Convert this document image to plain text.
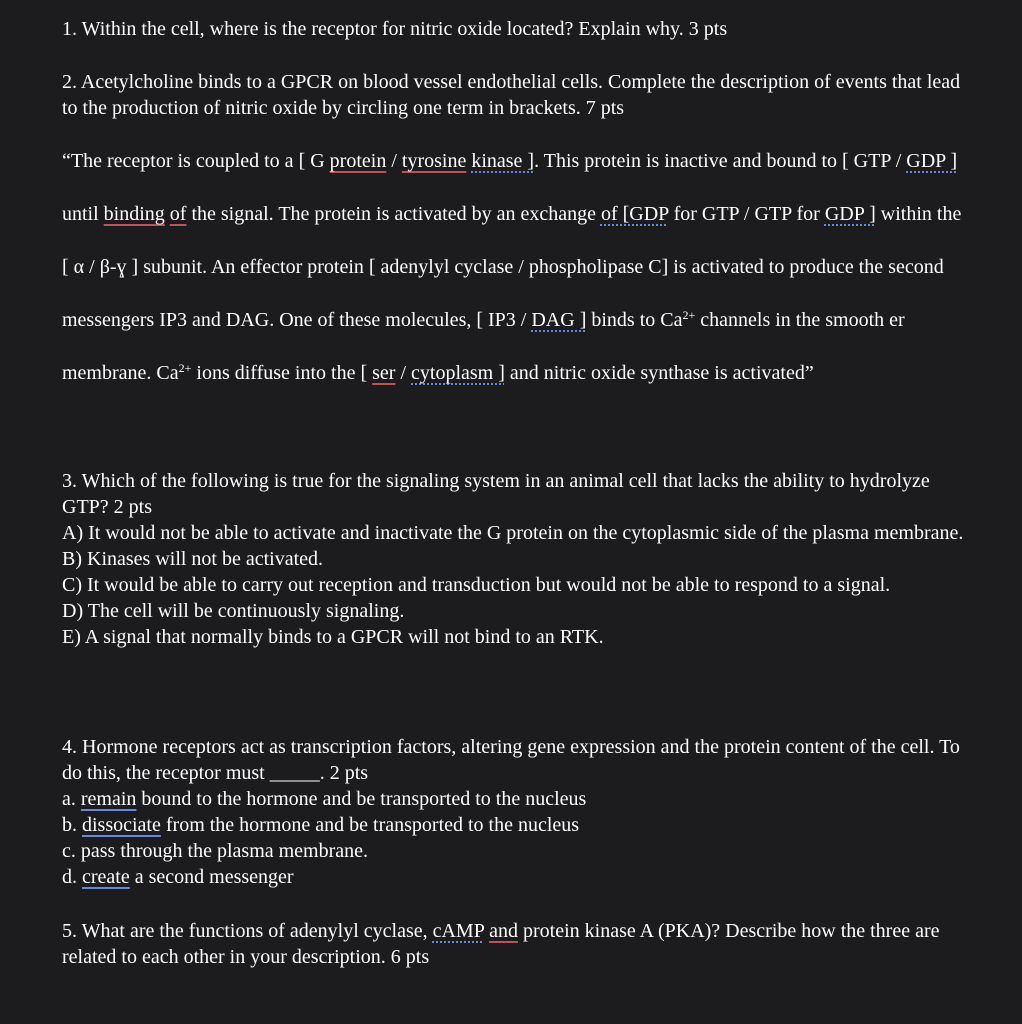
1. Within the cell, where is the receptor for nitric oxide located? Explain why. 3 pts

2. Acetylcholine binds to a GPCR on blood vessel endothelial cells. Complete the description of events that lead to the production of nitric oxide by circling one term in brackets. 7 pts

“The receptor is coupled to a [ G protein / tyrosine kinase ]. This protein is inactive and bound to [ GTP / GDP ] until binding of the signal. The protein is activated by an exchange of [GDP for GTP / GTP for GDP ] within the [ α / β-ɣ ] subunit. An effector protein [ adenylyl cyclase / phospholipase C] is activated to produce the second messengers IP3 and DAG. One of these molecules, [ IP3 / DAG ] binds to $Ca^{2+}$ channels in the smooth er membrane. $Ca^{2+}$ ions diffuse into the [ ser / cytoplasm ] and nitric oxide synthase is activated”

3. Which of the following is true for the signaling system in an animal cell that lacks the ability to hydrolyze GTP? 2 pts
A) It would not be able to activate and inactivate the G protein on the cytoplasmic side of the plasma membrane.
B) Kinases will not be activated.
C) It would be able to carry out reception and transduction but would not be able to respond to a signal.
D) The cell will be continuously signaling.
E) A signal that normally binds to a GPCR will not bind to an RTK.
4. Hormone receptors act as transcription factors, altering gene expression and the protein content of the cell. To do this, the receptor must _____. 2 pts
a. remain bound to the hormone and be transported to the nucleus
b. dissociate from the hormone and be transported to the nucleus
c. pass through the plasma membrane.
d. create a second messenger

5. What are the functions of adenylyl cyclase, cAMP and protein kinase A (PKA)? Describe how the three are related to each other in your description. 6 pts
